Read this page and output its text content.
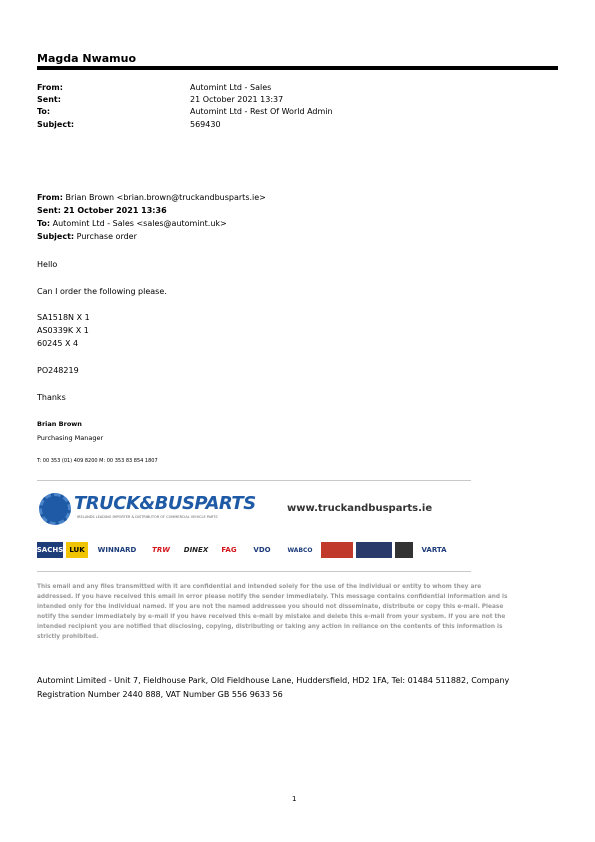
Magda Nwamuo
From:	Automint Ltd - Sales
Sent:	21 October 2021 13:37
To:	Automint Ltd - Rest Of World Admin
Subject:	569430
From: Brian Brown <brian.brown@truckandbusparts.ie>
Sent: 21 October 2021 13:36
To: Automint Ltd - Sales <sales@automint.uk>
Subject: Purchase order
Hello
Can I order the following please.
SA1518N X 1
AS0339K X 1
60245 X 4
PO248219
Thanks
Brian Brown
Purchasing Manager
T: 00 353 (01) 409 8200 M: 00 353 83 854 1807
TRUCK&BUSPARTS
IRELANDS LEADING IMPORTER & DISTRIBUTOR OF COMMERCIAL VEHICLE PARTS
www.truckandbusparts.ie
SACHS LUK	WINNARD	TRW	DINEX	FAG	VDO	WABCO	VARTA
This email and any files transmitted with it are confidential and intended solely for the use of the individual or entity to whom they are addressed. If you have received this email in error please notify the sender immediately. This message contains confidential information and is intended only for the individual named. If you are not the named addressee you should not disseminate, distribute or copy this e-mail. Please notify the sender immediately by e-mail if you have received this e-mail by mistake and delete this e-mail from your system. If you are not the intended recipient you are notified that disclosing, copying, distributing or taking any action in reliance on the contents of this information is strictly prohibited.
Automint Limited - Unit 7, Fieldhouse Park, Old Fieldhouse Lane, Huddersfield, HD2 1FA, Tel: 01484 511882, Company Registration Number 2440 888, VAT Number GB 556 9633 56
1
